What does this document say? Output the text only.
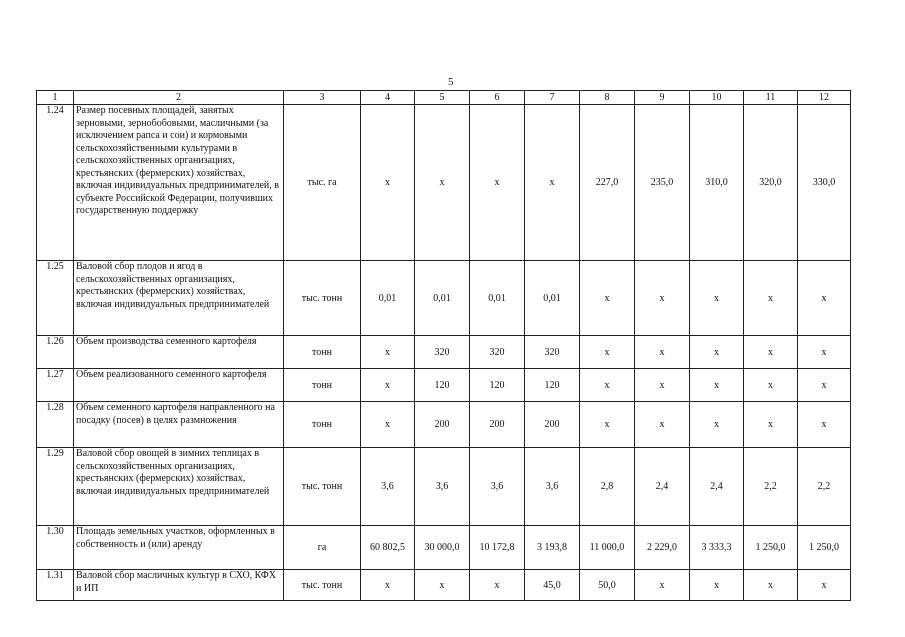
5
1	2	3	4	5	6	7	8	9	10	11	12
1.24	Размер посевных площадей, занятых зерновыми, зернобобовыми, масличными (за исключением рапса и сои) и кормовыми сельскохозяйственными культурами в сельскохозяйственных организациях, крестьянских (фермерских) хозяйствах, включая индивидуальных предпринимателей, в субъекте Российской Федерации, получивших государственную поддержку	тыс. га	x	x	x	x	227,0	235,0	310,0	320,0	330,0
1.25	Валовой сбор плодов и ягод в сельскохозяйственных организациях, крестьянских (фермерских) хозяйствах, включая индивидуальных предпринимателей	тыс. тонн	0,01	0,01	0,01	0,01	x	x	x	x	x
1.26	Объем производства семенного картофеля	тонн	x	320	320	320	x	x	x	x	x
1.27	Объем реализованного семенного картофеля	тонн	x	120	120	120	x	x	x	x	x
1.28	Объем семенного картофеля направленного на посадку (посев) в целях размножения	тонн	x	200	200	200	x	x	x	x	x
1.29	Валовой сбор овощей в зимних теплицах в сельскохозяйственных организациях, крестьянских (фермерских) хозяйствах, включая индивидуальных предпринимателей	тыс. тонн	3,6	3,6	3,6	3,6	2,8	2,4	2,4	2,2	2,2
1.30	Площадь земельных участков, оформленных в собственность и (или) аренду	га	60 802,5	30 000,0	10 172,8	3 193,8	11 000,0	2 229,0	3 333,3	1 250,0	1 250,0
1.31	Валовой сбор масличных культур в СХО, КФХ и ИП	тыс. тонн	x	x	x	45,0	50,0	x	x	x	x
